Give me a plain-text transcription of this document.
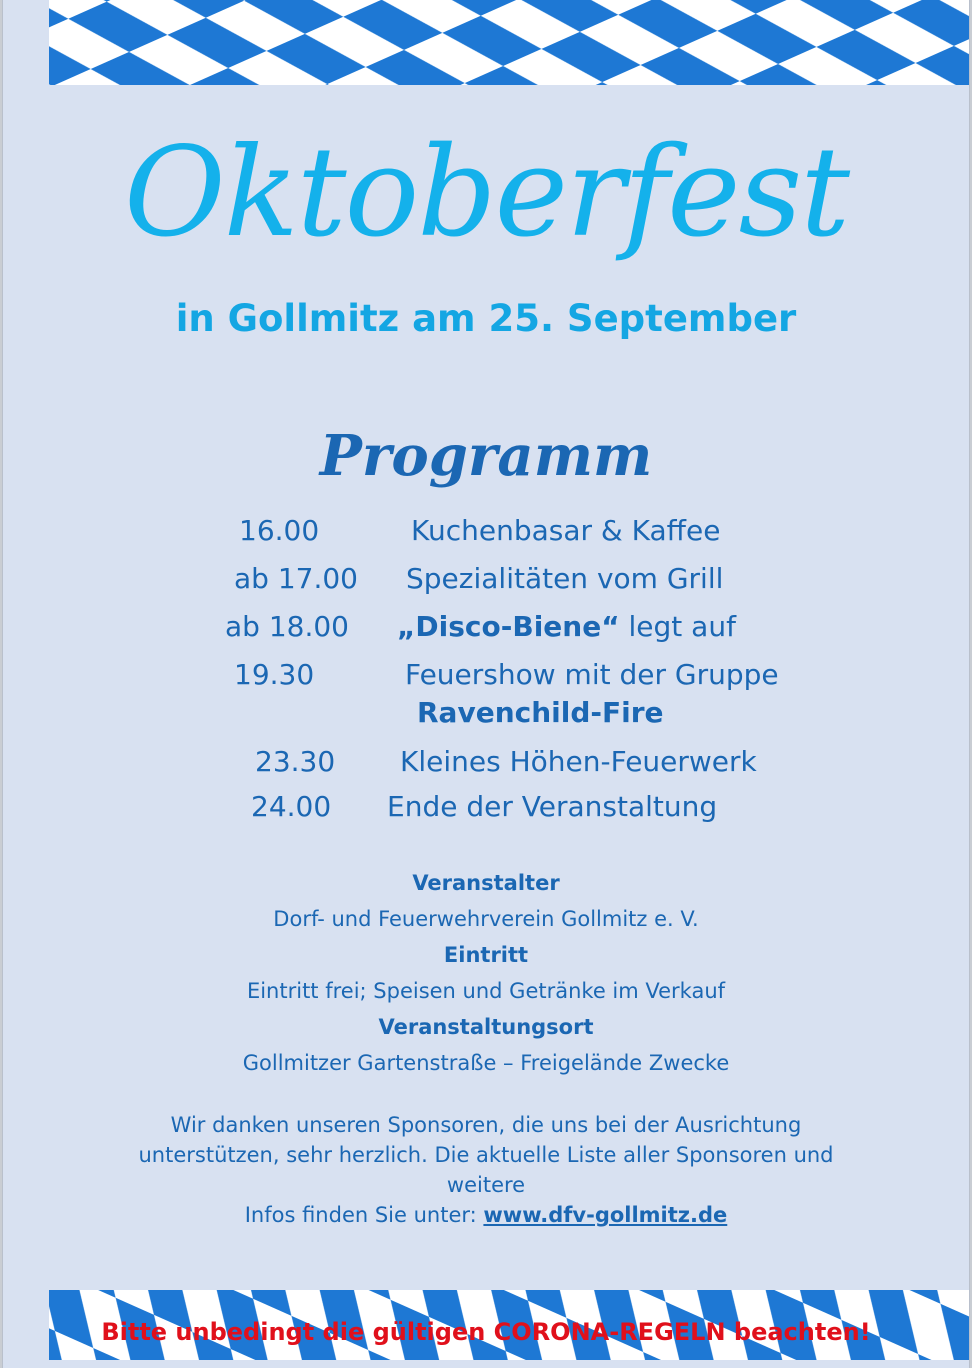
Oktoberfest
in Gollmitz am 25. September
Programm
16.00	Kuchenbasar & Kaffee
ab 17.00 Spezialitäten vom Grill
ab 18.00 „Disco-Biene“ legt auf
19.30	Feuershow mit der Gruppe
Ravenchild-Fire
23.30 Kleines Höhen-Feuerwerk
24.00 Ende der Veranstaltung
Veranstalter
Dorf- und Feuerwehrverein Gollmitz e. V.
Eintritt
Eintritt frei; Speisen und Getränke im Verkauf
Veranstaltungsort
Gollmitzer Gartenstraße – Freigelände Zwecke
Wir danken unseren Sponsoren, die uns bei der Ausrichtung
unterstützen, sehr herzlich. Die aktuelle Liste aller Sponsoren und
weitere
Infos finden Sie unter: www.dfv-gollmitz.de
Bitte unbedingt die gültigen CORONA-REGELN beachten!
